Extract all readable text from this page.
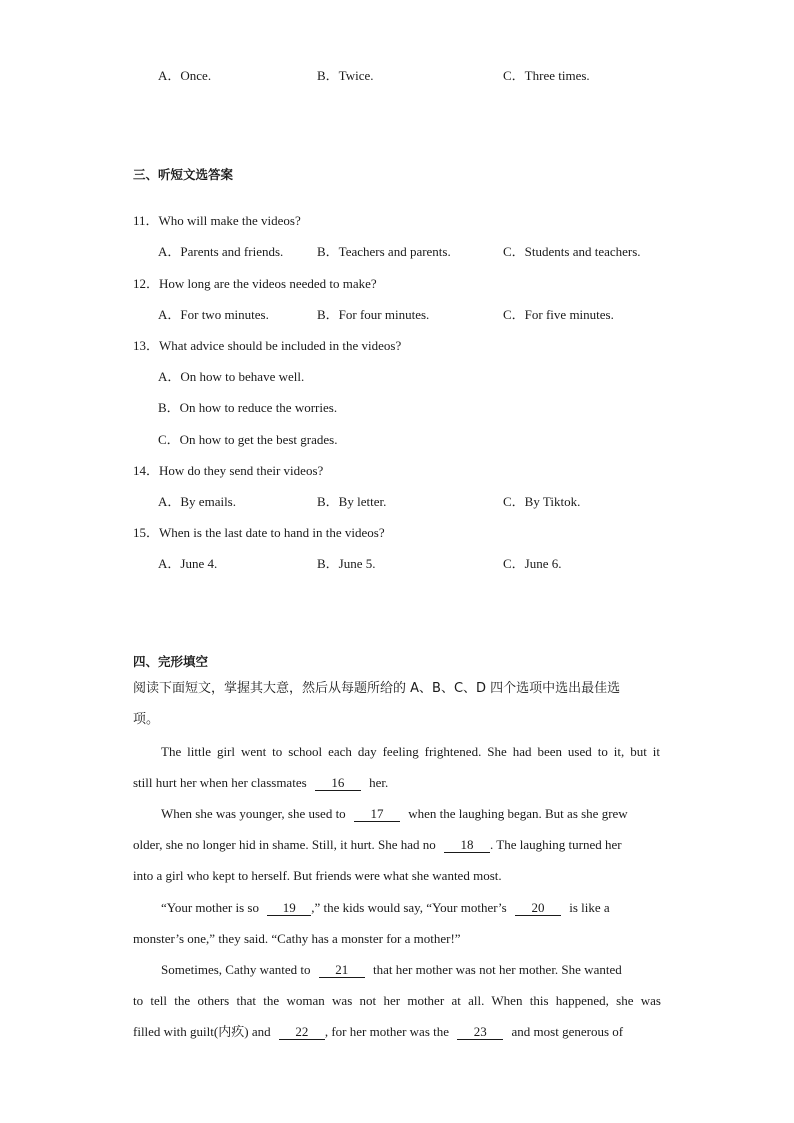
A．Once.	B．Twice.	C．Three times.
三、听短文选答案
11．Who will make the videos?
A．Parents and friends.	B．Teachers and parents.	C．Students and teachers.
12．How long are the videos needed to make?
A．For two minutes.	B．For four minutes.	C．For five minutes.
13．What advice should be included in the videos?
A．On how to behave well.
B．On how to reduce the worries.
C．On how to get the best grades.
14．How do they send their videos?
A．By emails.	B．By letter.	C．By Tiktok.
15．When is the last date to hand in the videos?
A．June 4.	B．June 5.	C．June 6.
四、完形填空
阅读下面短文，掌握其大意，然后从每题所给的 A、B、C、D 四个选项中选出最佳选
项。
The little girl went to school each day feeling frightened. She had been used to it, but it
still hurt her when her classmates 16 her.
When she was younger, she used to 17 when the laughing began. But as she grew
older, she no longer hid in shame. Still, it hurt. She had no 18 . The laughing turned her
into a girl who kept to herself. But friends were what she wanted most.
“Your mother is so 19 ,” the kids would say, “Your mother’s 20 is like a
monster’s one,” they said. “Cathy has a monster for a mother!”
Sometimes, Cathy wanted to 21 that her mother was not her mother. She wanted
to tell the others that the woman was not her mother at all. When this happened, she was
filled with guilt(内疚) and 22 , for her mother was the 23 and most generous of
